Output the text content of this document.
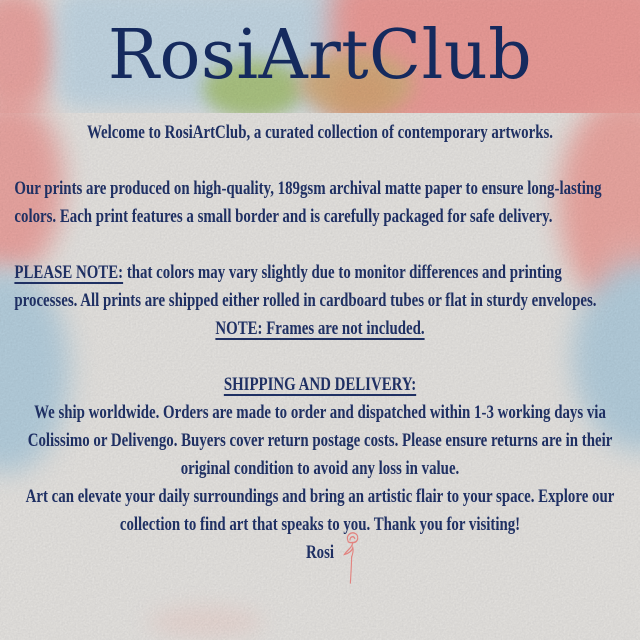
RosiArtClub

Welcome to RosiArtClub, a curated collection of contemporary artworks.

Our prints are produced on high-quality, 189gsm archival matte paper to ensure long-lasting colors. Each print features a small border and is carefully packaged for safe delivery.

PLEASE NOTE: that colors may vary slightly due to monitor differences and printing processes. All prints are shipped either rolled in cardboard tubes or flat in sturdy envelopes.

NOTE: Frames are not included.

SHIPPING AND DELIVERY:

We ship worldwide. Orders are made to order and dispatched within 1-3 working days via Colissimo or Delivengo. Buyers cover return postage costs. Please ensure returns are in their original condition to avoid any loss in value.

Art can elevate your daily surroundings and bring an artistic flair to your space. Explore our collection to find art that speaks to you. Thank you for visiting!

Rosi
